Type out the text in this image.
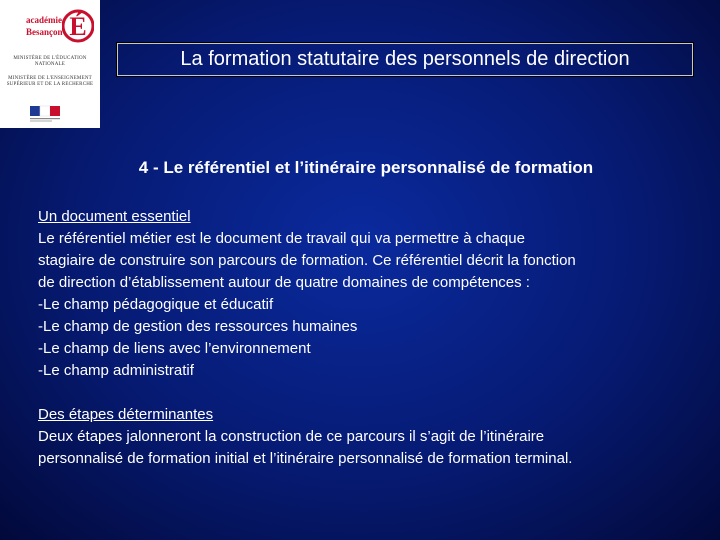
académie
Besançon É
MINISTÈRE DE L'ÉDUCATION NATIONALE
MINISTÈRE DE L'ENSEIGNEMENT SUPÉRIEUR ET DE LA RECHERCHE
La formation statutaire des personnels de direction
4 - Le référentiel et l’itinéraire personnalisé de formation

Un document essentiel

Le référentiel métier est le document de travail qui va permettre à chaque

stagiaire de construire son parcours de formation. Ce référentiel décrit la fonction

de direction d’établissement autour de quatre domaines de compétences :

-Le champ pédagogique et éducatif

-Le champ de gestion des ressources humaines

-Le champ de liens avec l’environnement

-Le champ administratif

Des étapes déterminantes

Deux étapes jalonneront la construction de ce parcours il s’agit de l’itinéraire

personnalisé de formation initial et l’itinéraire personnalisé de formation terminal.
